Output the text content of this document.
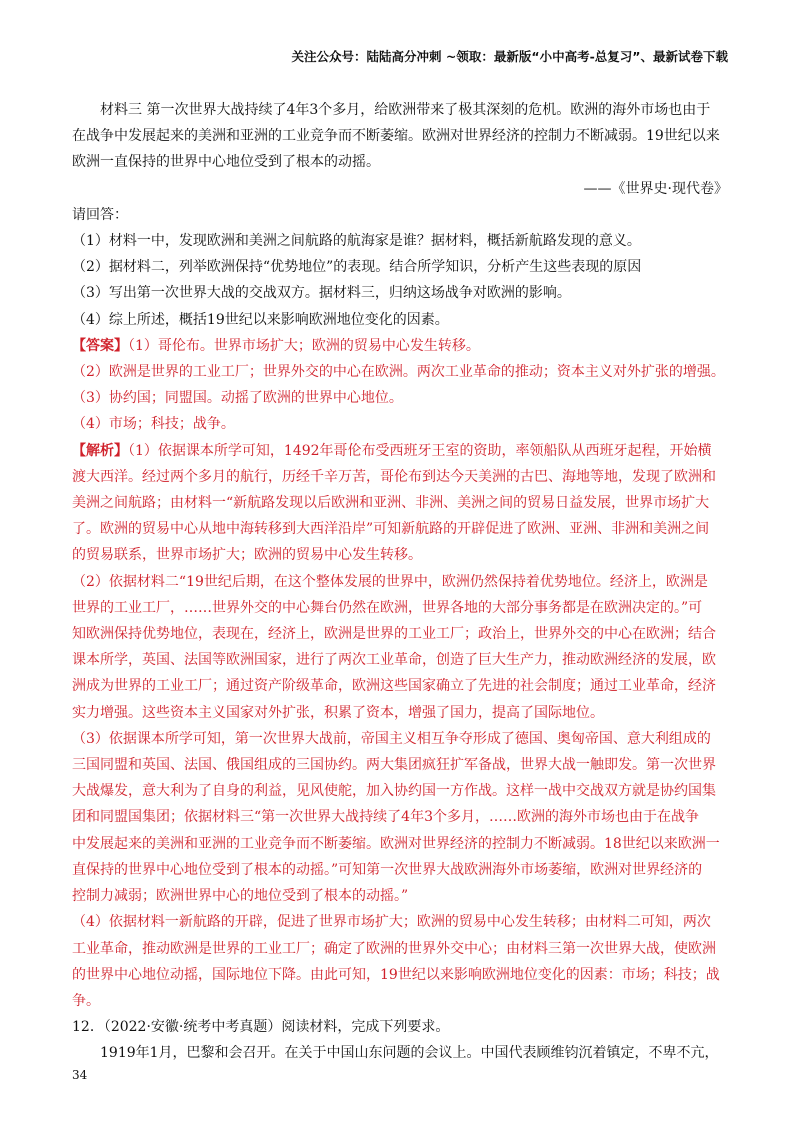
关注公众号：陆陆高分冲刺 ~领取：最新版“小中高考-总复习”、最新试卷下载

材料三 第一次世界大战持续了4年3个多月，给欧洲带来了极其深刻的危机。欧洲的海外市场也由于
在战争中发展起来的美洲和亚洲的工业竞争而不断萎缩。欧洲对世界经济的控制力不断减弱。19世纪以来
欧洲一直保持的世界中心地位受到了根本的动摇。

——《世界史·现代卷》

请回答：

（1）材料一中，发现欧洲和美洲之间航路的航海家是谁？据材料，概括新航路发现的意义。

（2）据材料二，列举欧洲保持“优势地位”的表现。结合所学知识，分析产生这些表现的原因

（3）写出第一次世界大战的交战双方。据材料三，归纳这场战争对欧洲的影响。

（4）综上所述，概括19世纪以来影响欧洲地位变化的因素。

【答案】（1）哥伦布。世界市场扩大；欧洲的贸易中心发生转移。

（2）欧洲是世界的工业工厂；世界外交的中心在欧洲。两次工业革命的推动；资本主义对外扩张的增强。

（3）协约国；同盟国。动摇了欧洲的世界中心地位。

（4）市场；科技；战争。

【解析】（1）依据课本所学可知，1492年哥伦布受西班牙王室的资助，率领船队从西班牙起程，开始横
渡大西洋。经过两个多月的航行，历经千辛万苦，哥伦布到达今天美洲的古巴、海地等地，发现了欧洲和
美洲之间航路；由材料一“新航路发现以后欧洲和亚洲、非洲、美洲之间的贸易日益发展，世界市场扩大
了。欧洲的贸易中心从地中海转移到大西洋沿岸”可知新航路的开辟促进了欧洲、亚洲、非洲和美洲之间
的贸易联系，世界市场扩大；欧洲的贸易中心发生转移。

（2）依据材料二“19世纪后期，在这个整体发展的世界中，欧洲仍然保持着优势地位。经济上，欧洲是
世界的工业工厂，……世界外交的中心舞台仍然在欧洲，世界各地的大部分事务都是在欧洲决定的。”可
知欧洲保持优势地位，表现在，经济上，欧洲是世界的工业工厂；政治上，世界外交的中心在欧洲；结合
课本所学，英国、法国等欧洲国家，进行了两次工业革命，创造了巨大生产力，推动欧洲经济的发展，欧
洲成为世界的工业工厂；通过资产阶级革命，欧洲这些国家确立了先进的社会制度；通过工业革命，经济
实力增强。这些资本主义国家对外扩张，积累了资本，增强了国力，提高了国际地位。

（3）依据课本所学可知，第一次世界大战前，帝国主义相互争夺形成了德国、奥匈帝国、意大利组成的
三国同盟和英国、法国、俄国组成的三国协约。两大集团疯狂扩军备战，世界大战一触即发。第一次世界
大战爆发，意大利为了自身的利益，见风使舵，加入协约国一方作战。这样一战中交战双方就是协约国集
团和同盟国集团；依据材料三“第一次世界大战持续了4年3个多月，……欧洲的海外市场也由于在战争
中发展起来的美洲和亚洲的工业竞争而不断萎缩。欧洲对世界经济的控制力不断减弱。18世纪以来欧洲一
直保持的世界中心地位受到了根本的动摇。”可知第一次世界大战欧洲海外市场萎缩，欧洲对世界经济的
控制力减弱；欧洲世界中心的地位受到了根本的动摇。”

（4）依据材料一新航路的开辟，促进了世界市场扩大；欧洲的贸易中心发生转移；由材料二可知，两次
工业革命，推动欧洲是世界的工业工厂；确定了欧洲的世界外交中心；由材料三第一次世界大战，使欧洲
的世界中心地位动摇，国际地位下降。由此可知，19世纪以来影响欧洲地位变化的因素：市场；科技；战
争。

12．（2022·安徽·统考中考真题）阅读材料，完成下列要求。

1919年1月，巴黎和会召开。在关于中国山东问题的会议上。中国代表顾维钧沉着镇定，不卑不亢，

34
